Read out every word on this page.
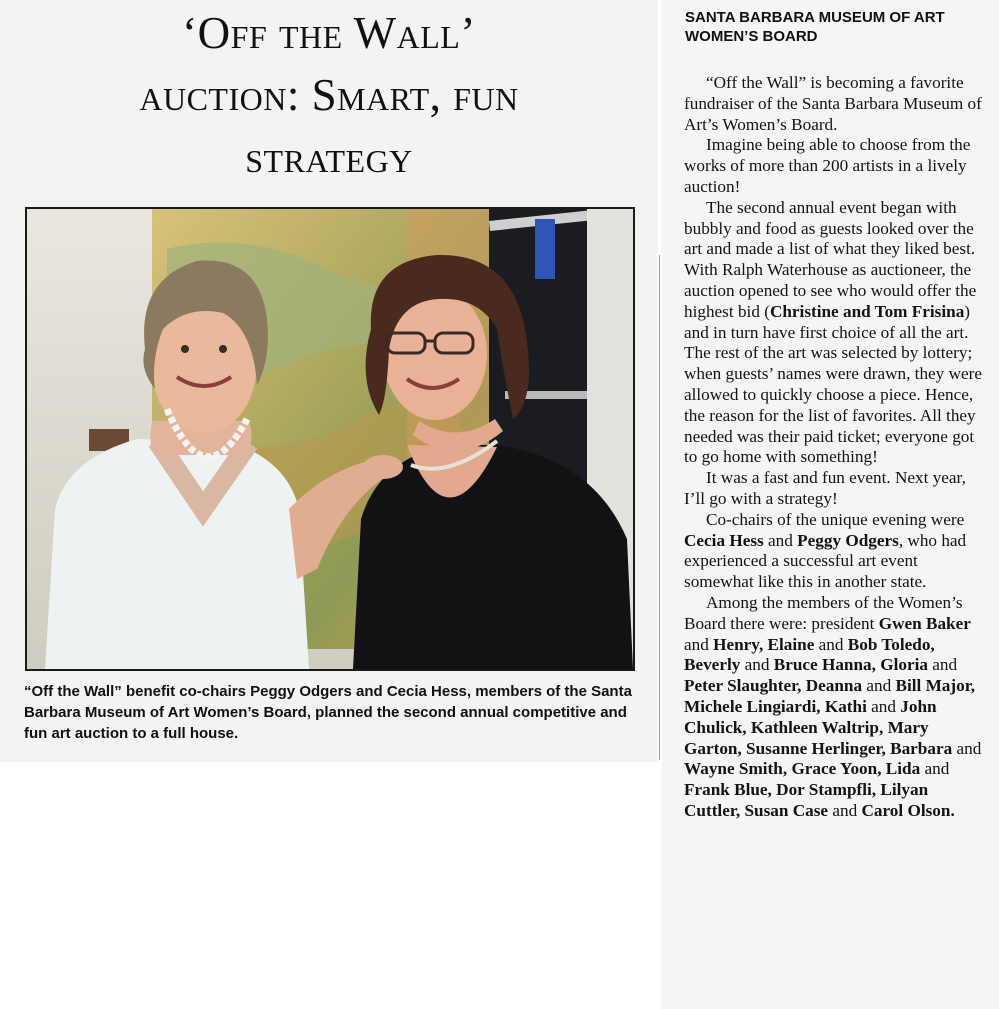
‘Off the Wall’
auction: Smart, fun
strategy

“Off the Wall” benefit co-chairs Peggy Odgers and Cecia Hess, members of the Santa Barbara Museum of Art Women’s Board, planned the second annual competitive and fun art auction to a full house.

SANTA BARBARA MUSEUM OF ART
WOMEN’S BOARD

“Off the Wall” is becoming a favorite fundraiser of the Santa Barbara Museum of Art’s Women’s Board.

Imagine being able to choose from the works of more than 200 artists in a lively auction!

The second annual event began with bubbly and food as guests looked over the art and made a list of what they liked best. With Ralph Waterhouse as auctioneer, the auction opened to see who would offer the highest bid (Christine and Tom Frisina) and in turn have first choice of all the art. The rest of the art was selected by lottery; when guests’ names were drawn, they were allowed to quickly choose a piece. Hence, the reason for the list of favorites. All they needed was their paid ticket; everyone got to go home with something!

It was a fast and fun event. Next year, I’ll go with a strategy!

Co-chairs of the unique evening were Cecia Hess and Peggy Odgers, who had experienced a successful art event somewhat like this in another state.

Among the members of the Women’s Board there were: president Gwen Baker and Henry, Elaine and Bob Toledo, Beverly and Bruce Hanna, Gloria and Peter Slaughter, Deanna and Bill Major, Michele Lingiardi, Kathi and John Chulick, Kathleen Waltrip, Mary Garton, Susanne Herlinger, Barbara and Wayne Smith, Grace Yoon, Lida and Frank Blue, Dor Stampfli, Lilyan Cuttler, Susan Case and Carol Olson.
